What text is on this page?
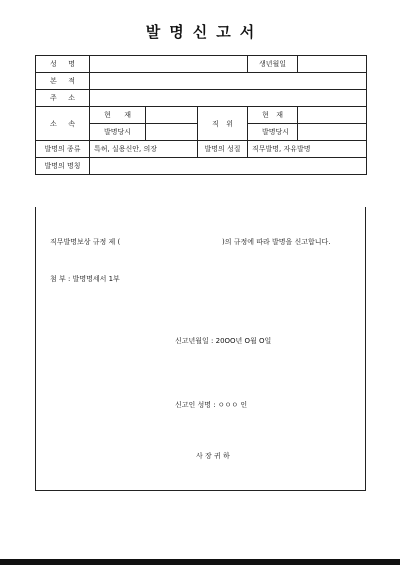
발명신고서
성 명				생년월일	
본 적					
주 소					
소 속	현 재		직 위	현 재	
	발명당시			발명당시	
발명의 종류	특허, 실용신안, 의장		발명의 성질	직무발명, 자유발명	
발명의 명칭					
직무발명보상 규정 제 (	)의 규정에 따라 발명을 신고합니다.
첨 부 : 발명명세서 1부
신고년월일 : 20OO년 O월 O일
신고인 성명 : ㅇㅇㅇ 인
사 장 귀 하
